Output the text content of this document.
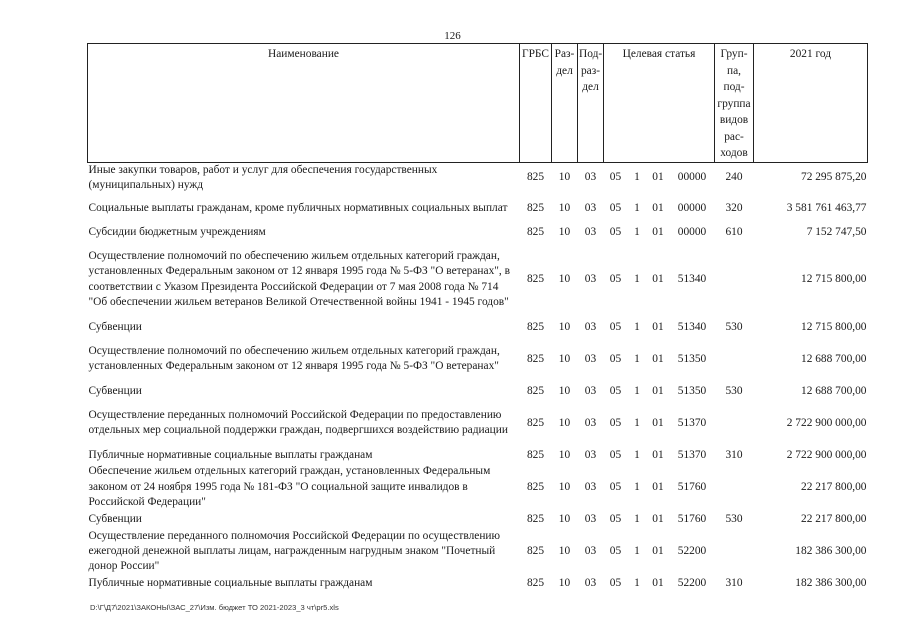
126
Наименование	ГРБС	Раз-дел	Под-раз-дел	Целевая статья				Груп-па, под-группа видов рас-ходов	2021 год
Иные закупки товаров, работ и услуг для обеспечения государственных (муниципальных) нужд	825	10	03	05	1	01	00000	240	72 295 875,20
Социальные выплаты гражданам, кроме публичных нормативных социальных выплат	825	10	03	05	1	01	00000	320	3 581 761 463,77
Субсидии бюджетным учреждениям	825	10	03	05	1	01	00000	610	7 152 747,50
Осуществление полномочий по обеспечению жильем отдельных категорий граждан, установленных Федеральным законом от 12 января 1995 года № 5-ФЗ "О ветеранах", в соответствии с Указом Президента Российской Федерации от 7 мая 2008 года № 714 "Об обеспечении жильем ветеранов Великой Отечественной войны 1941 - 1945 годов"	825	10	03	05	1	01	51340		12 715 800,00
Субвенции	825	10	03	05	1	01	51340	530	12 715 800,00
Осуществление полномочий по обеспечению жильем отдельных категорий граждан, установленных Федеральным законом от 12 января 1995 года № 5-ФЗ "О ветеранах"	825	10	03	05	1	01	51350		12 688 700,00
Субвенции	825	10	03	05	1	01	51350	530	12 688 700,00
Осуществление переданных полномочий Российской Федерации по предоставлению отдельных мер социальной поддержки граждан, подвергшихся воздействию радиации	825	10	03	05	1	01	51370		2 722 900 000,00
Публичные нормативные социальные выплаты гражданам	825	10	03	05	1	01	51370	310	2 722 900 000,00
Обеспечение жильем отдельных категорий граждан, установленных Федеральным законом от 24 ноября 1995 года № 181-ФЗ "О социальной защите инвалидов в Российской Федерации"	825	10	03	05	1	01	51760		22 217 800,00
Субвенции	825	10	03	05	1	01	51760	530	22 217 800,00
Осуществление переданного полномочия Российской Федерации по осуществлению ежегодной денежной выплаты лицам, награжденным нагрудным знаком "Почетный донор России"	825	10	03	05	1	01	52200		182 386 300,00
Публичные нормативные социальные выплаты гражданам	825	10	03	05	1	01	52200	310	182 386 300,00
D:\Г\Д7\2021\ЗАКОНЫ\ЗАС_27\Изм. бюджет ТО 2021-2023_3 чт\pr5.xls
